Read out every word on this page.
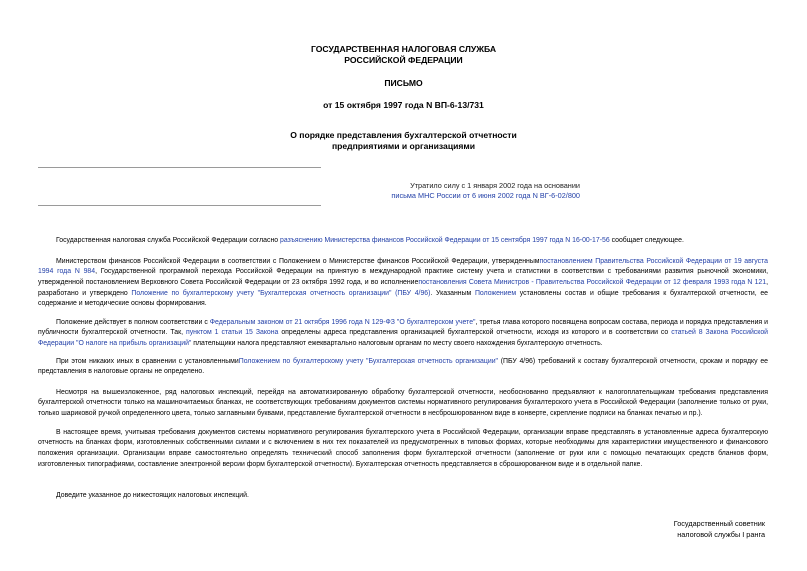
ГОСУДАРСТВЕННАЯ НАЛОГОВАЯ СЛУЖБА
РОССИЙСКОЙ ФЕДЕРАЦИИ
ПИСЬМО
от 15 октября 1997 года N ВП-6-13/731
О порядке представления бухгалтерской отчетности
предприятиями и организациями
Утратило силу с 1 января 2002 года на основании
письма МНС России от 6 июня 2002 года N ВГ-6-02/800

Государственная налоговая служба Российской Федерации согласно разъяснению Министерства финансов Российской Федерации от 15 сентября 1997 года N 16-00-17-56 сообщает следующее.

Министерством финансов Российской Федерации в соответствии с Положением о Министерстве финансов Российской Федерации, утвержденнымпостановлением Правительства Российской Федерации от 19 августа 1994 года N 984, Государственной программой перехода Российской Федерации на принятую в международной практике систему учета и статистики в соответствии с требованиями развития рыночной экономики, утвержденной постановлением Верховного Совета Российской Федерации от 23 октября 1992 года, и во исполнениепостановления Совета Министров - Правительства Российской Федерации от 12 февраля 1993 года N 121, разработано и утверждено Положение по бухгалтерскому учету "Бухгалтерская отчетность организации" (ПБУ 4/96). Указанным Положением установлены состав и общие требования к бухгалтерской отчетности, ее содержание и методические основы формирования.

Положение действует в полном соответствии с Федеральным законом от 21 октября 1996 года N 129-ФЗ "О бухгалтерском учете", третья глава которого посвящена вопросам состава, периода и порядка представления и публичности бухгалтерской отчетности. Так, пунктом 1 статьи 15 Закона определены адреса представления организацией бухгалтерской отчетности, исходя из которого и в соответствии со статьей 8 Закона Российской Федерации "О налоге на прибыль организаций" плательщики налога представляют ежеквартально налоговым органам по месту своего нахождения бухгалтерскую отчетность.

При этом никаких иных в сравнении с установленнымиПоложением по бухгалтерскому учету "Бухгалтерская отчетность организации" (ПБУ 4/96) требований к составу бухгалтерской отчетности, срокам и порядку ее представления в налоговые органы не определено.

Несмотря на вышеизложенное, ряд налоговых инспекций, перейдя на автоматизированную обработку бухгалтерской отчетности, необоснованно предъявляют к налогоплательщикам требования представления бухгалтерской отчетности только на машиночитаемых бланках, не соответствующих требованиям документов системы нормативного регулирования бухгалтерского учета в Российской Федерации (заполнение только от руки, только шариковой ручкой определенного цвета, только заглавными буквами, представление бухгалтерской отчетности в несброшюрованном виде в конверте, скрепление подписи на бланках печатью и пр.).

В настоящее время, учитывая требования документов системы нормативного регулирования бухгалтерского учета в Российской Федерации, организации вправе представлять в установленные адреса бухгалтерскую отчетность на бланках форм, изготовленных собственными силами и с включением в них тех показателей из предусмотренных в типовых формах, которые необходимы для характеристики имущественного и финансового положения организации. Организации вправе самостоятельно определять технический способ заполнения форм бухгалтерской отчетности (заполнение от руки или с помощью печатающих средств бланков форм, изготовленных типографиями, составление электронной версии форм бухгалтерской отчетности). Бухгалтерская отчетность представляется в сброшюрованном виде и в отдельной папке.

Доведите указанное до нижестоящих налоговых инспекций.

Государственный советник
налоговой службы I ранга
